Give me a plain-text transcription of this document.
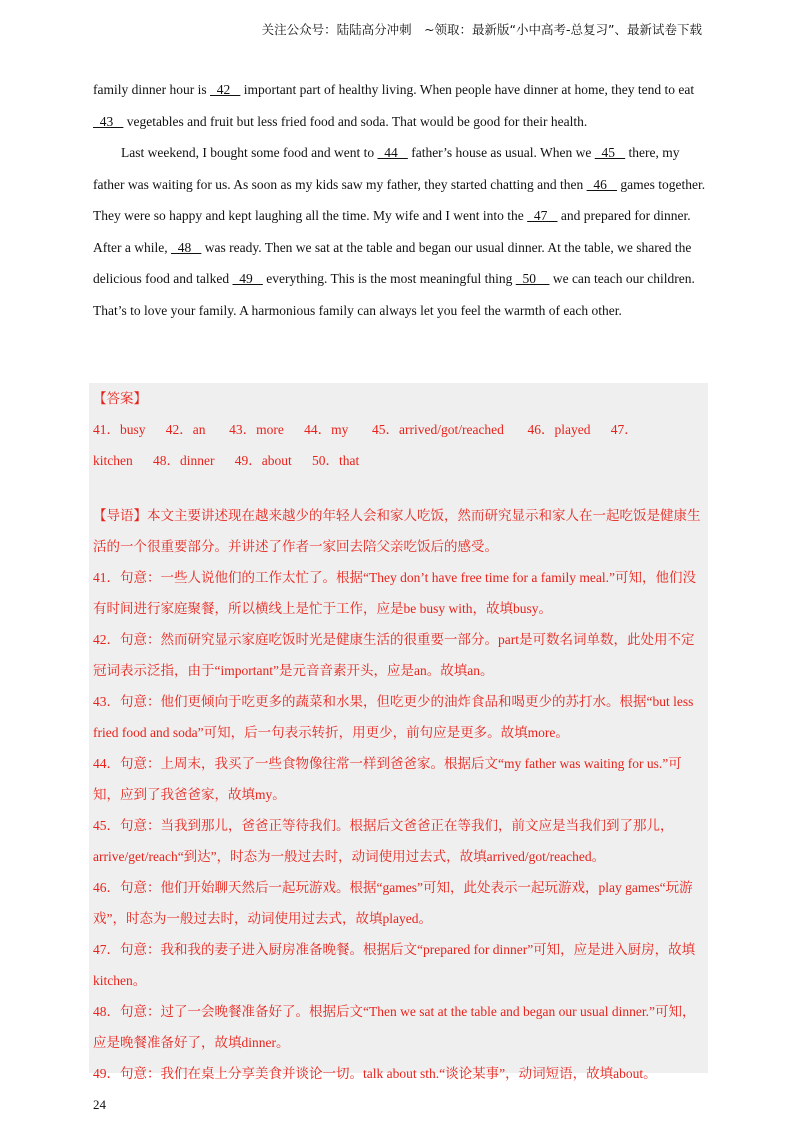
关注公众号：陆陆高分冲刺　~领取：最新版“小中高考-总复习”、最新试卷下载

family dinner hour is   42    important part of healthy living. When people have dinner at home, they tend to eat   43    vegetables and fruit but less fried food and soda. That would be good for their health.

Last weekend, I bought some food and went to   44    father’s house as usual. When we   45    there, my father was waiting for us. As soon as my kids saw my father, they started chatting and then   46    games together. They were so happy and kept laughing all the time. My wife and I went into the   47    and prepared for dinner. After a while,   48    was ready. Then we sat at the table and began our usual dinner. At the table, we shared the delicious food and talked   49    everything. This is the most meaningful thing   50     we can teach our children. That’s to love your family. A harmonious family can always let you feel the warmth of each other.

【答案】

41．busy      42．an       43．more      44．my       45．arrived/got/reached       46．played      47．

kitchen      48．dinner      49．about      50．that

【导语】本文主要讲述现在越来越少的年轻人会和家人吃饭，然而研究显示和家人在一起吃饭是健康生活的一个很重要部分。并讲述了作者一家回去陪父亲吃饭后的感受。

41．句意：一些人说他们的工作太忙了。根据“They don’t have free time for a family meal.”可知，他们没有时间进行家庭聚餐，所以横线上是忙于工作，应是be busy with，故填busy。

42．句意：然而研究显示家庭吃饭时光是健康生活的很重要一部分。part是可数名词单数，此处用不定冠词表示泛指，由于“important”是元音音素开头，应是an。故填an。

43．句意：他们更倾向于吃更多的蔬菜和水果，但吃更少的油炸食品和喝更少的苏打水。根据“but less fried food and soda”可知，后一句表示转折，用更少，前句应是更多。故填more。

44．句意：上周末，我买了一些食物像往常一样到爸爸家。根据后文“my father was waiting for us.”可知，应到了我爸爸家，故填my。

45．句意：当我到那儿，爸爸正等待我们。根据后文爸爸正在等我们，前文应是当我们到了那儿，arrive/get/reach“到达”，时态为一般过去时，动词使用过去式，故填arrived/got/reached。

46．句意：他们开始聊天然后一起玩游戏。根据“games”可知，此处表示一起玩游戏，play games“玩游戏”，时态为一般过去时，动词使用过去式，故填played。

47．句意：我和我的妻子进入厨房准备晚餐。根据后文“prepared for dinner”可知，应是进入厨房，故填kitchen。

48．句意：过了一会晚餐准备好了。根据后文“Then we sat at the table and began our usual dinner.”可知，应是晚餐准备好了，故填dinner。

49．句意：我们在桌上分享美食并谈论一切。talk about sth.“谈论某事”，动词短语，故填about。

24
